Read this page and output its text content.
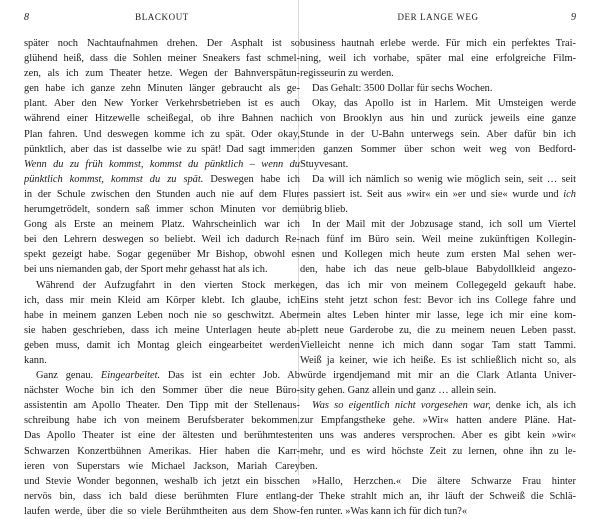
8	BLACKOUT
später noch Nachtaufnahmen drehen. Der Asphalt ist so
glühend heiß, dass die Sohlen meiner Sneakers fast schmel-
zen, als ich zum Theater hetze. Wegen der Bahnverspätun-
gen habe ich ganze zehn Minuten länger gebraucht als ge-
plant. Aber den New Yorker Verkehrsbetrieben ist es auch
während einer Hitzewelle scheißegal, ob ihre Bahnen nach
Plan fahren. Und deswegen komme ich zu spät. Oder okay,
pünktlich, aber das ist dasselbe wie zu spät! Dad sagt immer:
Wenn du zu früh kommst, kommst du pünktlich – wenn du
pünktlich kommst, kommst du zu spät. Deswegen habe ich
in der Schule zwischen den Stunden auch nie auf dem Flur
herumgetrödelt, sondern saß immer schon Minuten vor dem
Gong als Erste an meinem Platz. Wahrscheinlich war ich
bei den Lehrern deswegen so beliebt. Weil ich dadurch Re-
spekt gezeigt habe. Sogar gegenüber Mr Bishop, obwohl es
bei uns niemanden gab, der Sport mehr gehasst hat als ich.
Während der Aufzugfahrt in den vierten Stock merke
ich, dass mir mein Kleid am Körper klebt. Ich glaube, ich
habe in meinem ganzen Leben noch nie so geschwitzt. Aber
sie haben geschrieben, dass ich meine Unterlagen heute ab-
geben muss, damit ich Montag gleich eingearbeitet werden
kann.
Ganz genau. Eingearbeitet. Das ist ein echter Job. Ab
nächster Woche bin ich den Sommer über die neue Büro-
assistentin am Apollo Theater. Den Tipp mit der Stellenaus-
schreibung habe ich von meinem Berufsberater bekommen.
Das Apollo Theater ist eine der ältesten und berühmtesten
Schwarzen Konzertbühnen Amerikas. Hier haben die Karr-
ieren von Superstars wie Michael Jackson, Mariah Carey
und Stevie Wonder begonnen, weshalb ich jetzt ein bisschen
nervös bin, dass ich bald diese berühmten Flure entlang-
laufen werde, über die so viele Berühmtheiten aus dem Show-
9
DER LANGE WEG
business hautnah erlebe werde. Für mich ein perfektes Trai-
ning, weil ich vorhabe, später mal eine erfolgreiche Film-
regisseurin zu werden.
Das Gehalt: 3500 Dollar für sechs Wochen.
Okay, das Apollo ist in Harlem. Mit Umsteigen werde
ich von Brooklyn aus hin und zurück jeweils eine ganze
Stunde in der U-Bahn unterwegs sein. Aber dafür bin ich
den ganzen Sommer über schon weit weg von Bedford-
Stuyvesant.
Da will ich nämlich so wenig wie möglich sein, seit … seit
es passiert ist. Seit aus »wir« ein »er und sie« wurde und ich
übrig blieb.
In der Mail mit der Jobzusage stand, ich soll um Viertel
nach fünf im Büro sein. Weil meine zukünftigen Kollegin-
nen und Kollegen mich heute zum ersten Mal sehen wer-
den, habe ich das neue gelb-blaue Babydollkleid angezo-
gen, das ich mir von meinem Collegegeld gekauft habe.
Eins steht jetzt schon fest: Bevor ich ins College fahre und
mein altes Leben hinter mir lasse, lege ich mir eine kom-
plett neue Garderobe zu, die zu meinem neuen Leben passt.
Vielleicht nenne ich mich dann sogar Tam statt Tammi.
Weiß ja keiner, wie ich heiße. Es ist schließlich nicht so, als
würde irgendjemand mit mir an die Clark Atlanta Univer-
sity gehen. Ganz allein und ganz … allein sein.
Was so eigentlich nicht vorgesehen war, denke ich, als ich
zur Empfangstheke gehe. »Wir« hatten andere Pläne. Hat-
ten uns was anderes versprochen. Aber es gibt kein »wir«
mehr, und es wird höchste Zeit zu lernen, ohne ihn zu le-
ben.
»Hallo, Herzchen.« Die ältere Schwarze Frau hinter
der Theke strahlt mich an, ihr läuft der Schweiß die Schlä-
fen runter. »Was kann ich für dich tun?«
